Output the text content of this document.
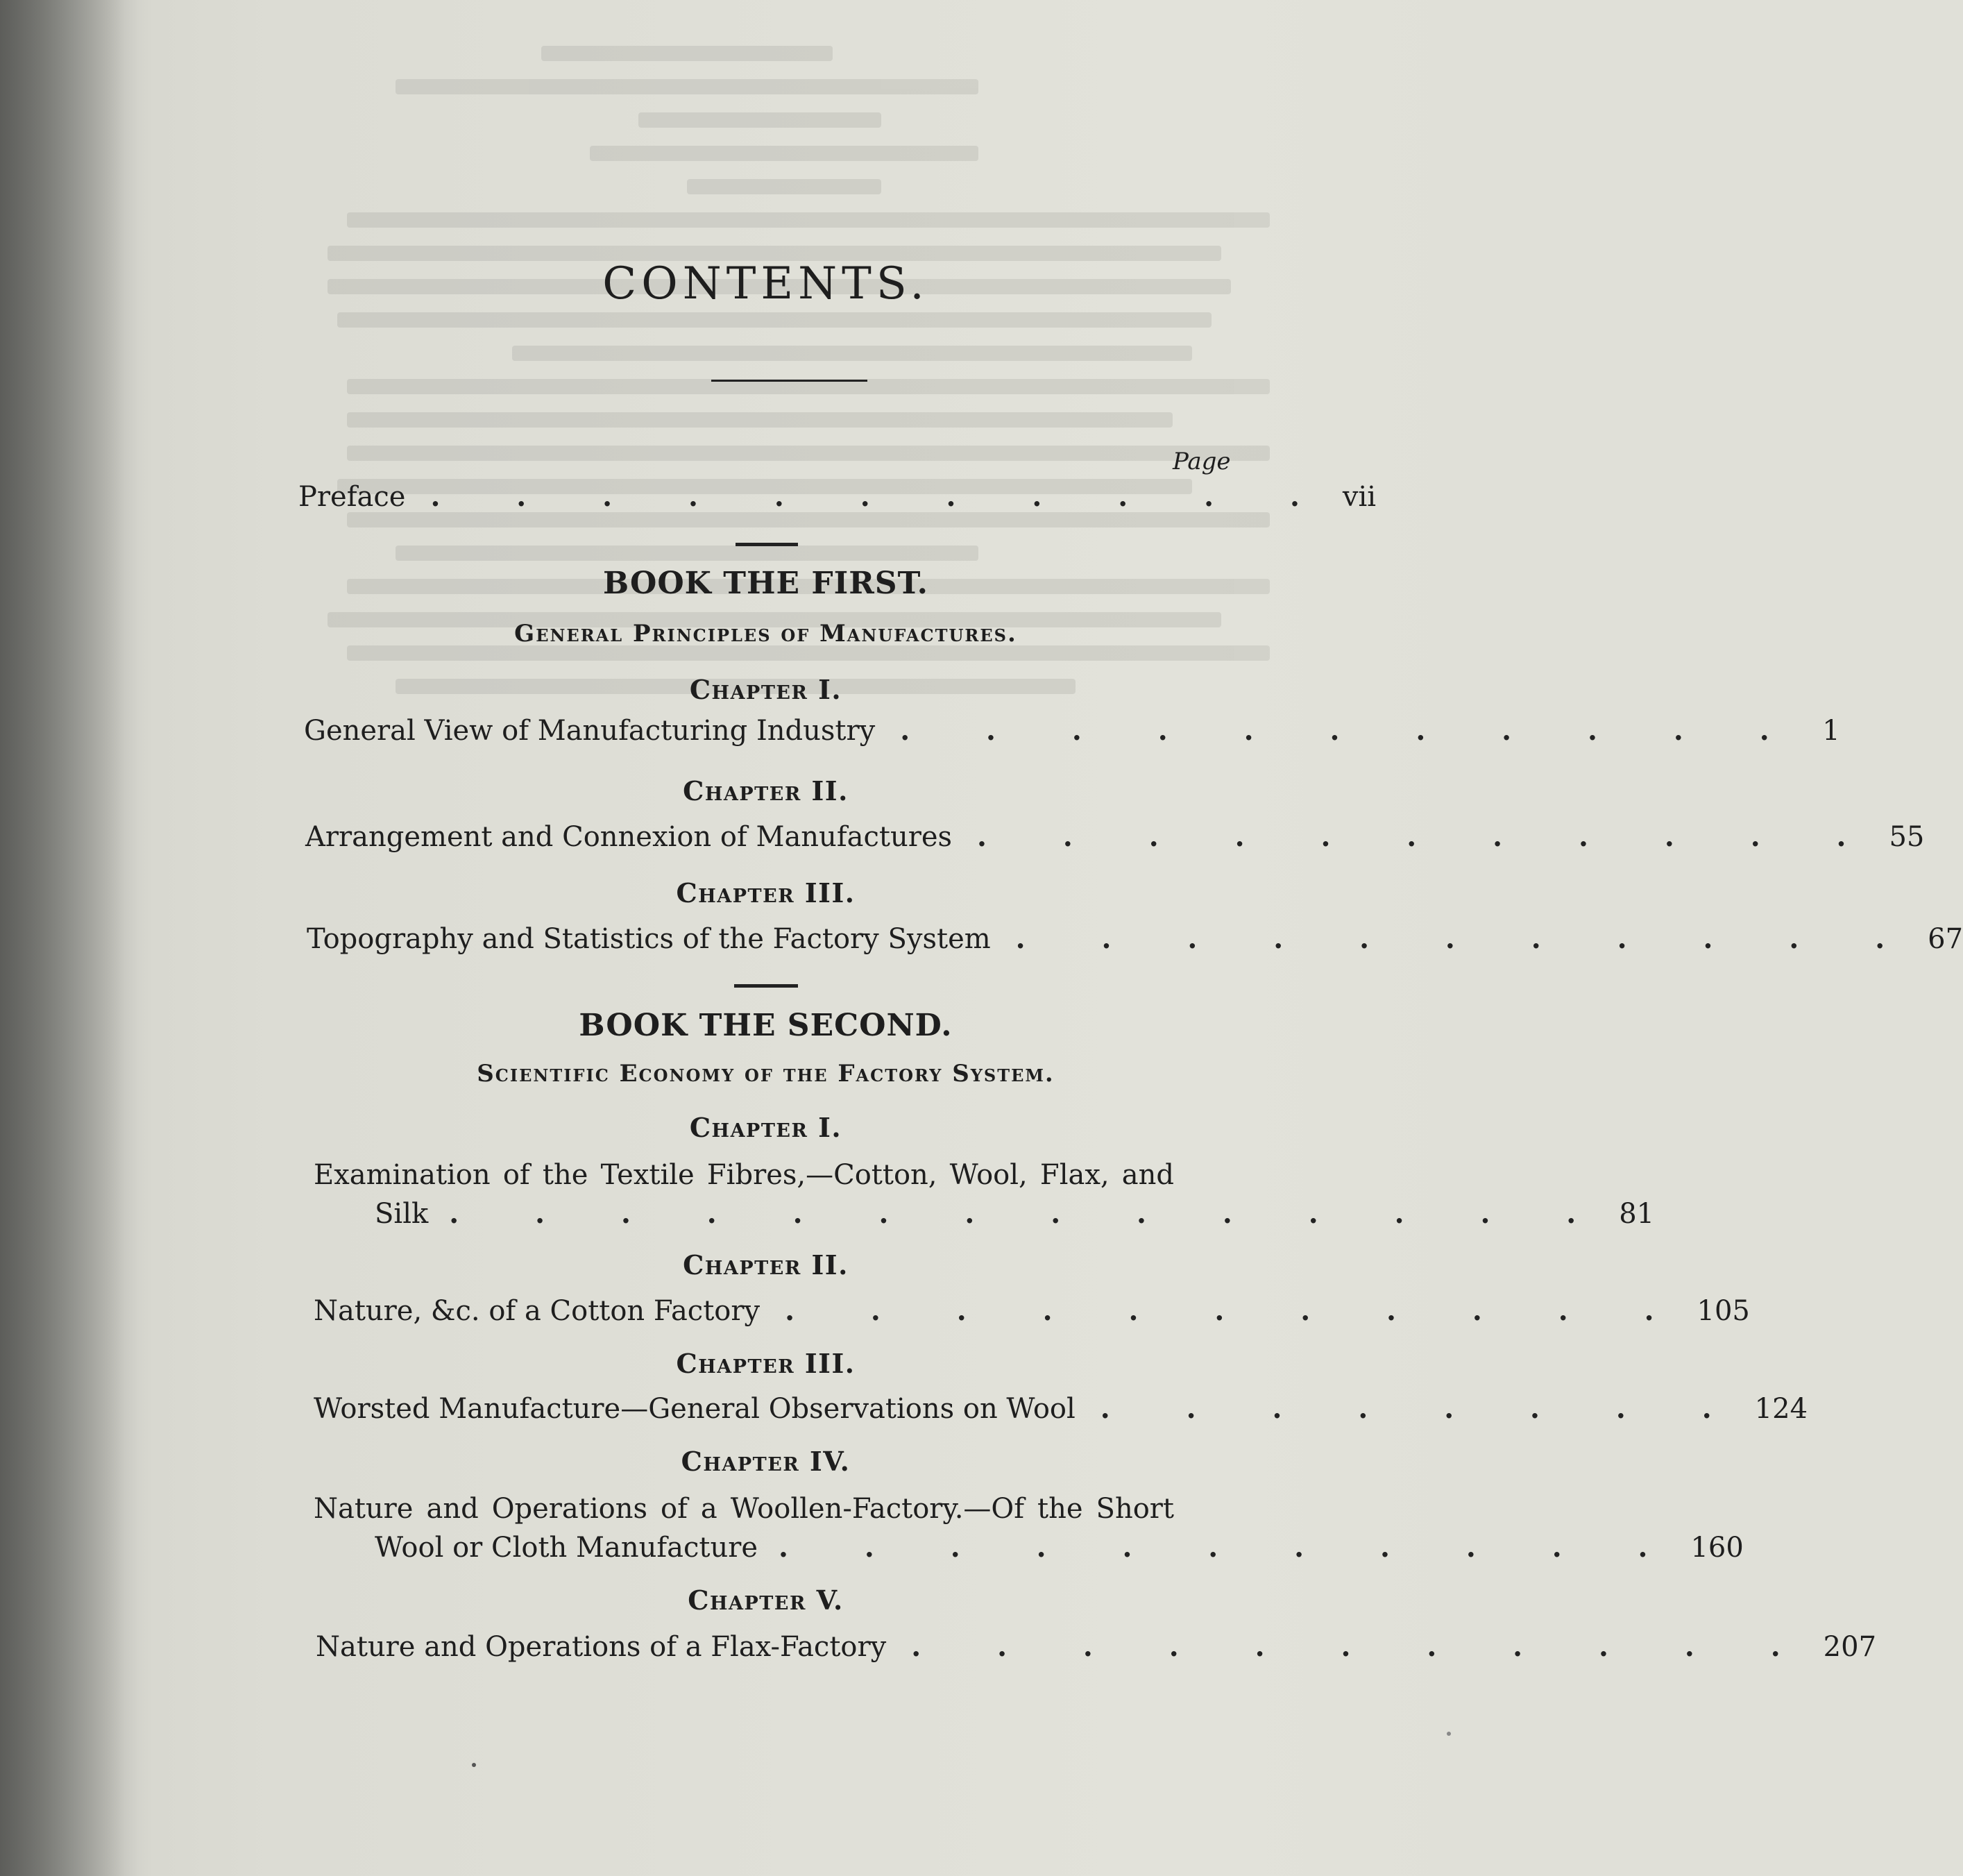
CONTENTS.
Page
Preface . . . . . . . . . . . vii
BOOK THE FIRST.
General Principles of Manufactures.
Chapter I.
General View of Manufacturing Industry . . . . . . . . . . . 1
Chapter II.
Arrangement and Connexion of Manufactures . . . . . . . . . . . 55
Chapter III.
Topography and Statistics of the Factory System . . . . . . . . . . . 67
BOOK THE SECOND.
Scientific Economy of the Factory System.
Chapter I.
Examination of the Textile Fibres,—Cotton, Wool, Flax, and
Silk . . . . . . . . . . . . . . 81
Chapter II.
Nature, &c. of a Cotton Factory . . . . . . . . . . . 105
Chapter III.
Worsted Manufacture—General Observations on Wool . . . . . . . . 124
Chapter IV.
Nature and Operations of a Woollen-Factory.—Of the Short
Wool or Cloth Manufacture . . . . . . . . . . . 160
Chapter V.
Nature and Operations of a Flax-Factory . . . . . . . . . . . 207
